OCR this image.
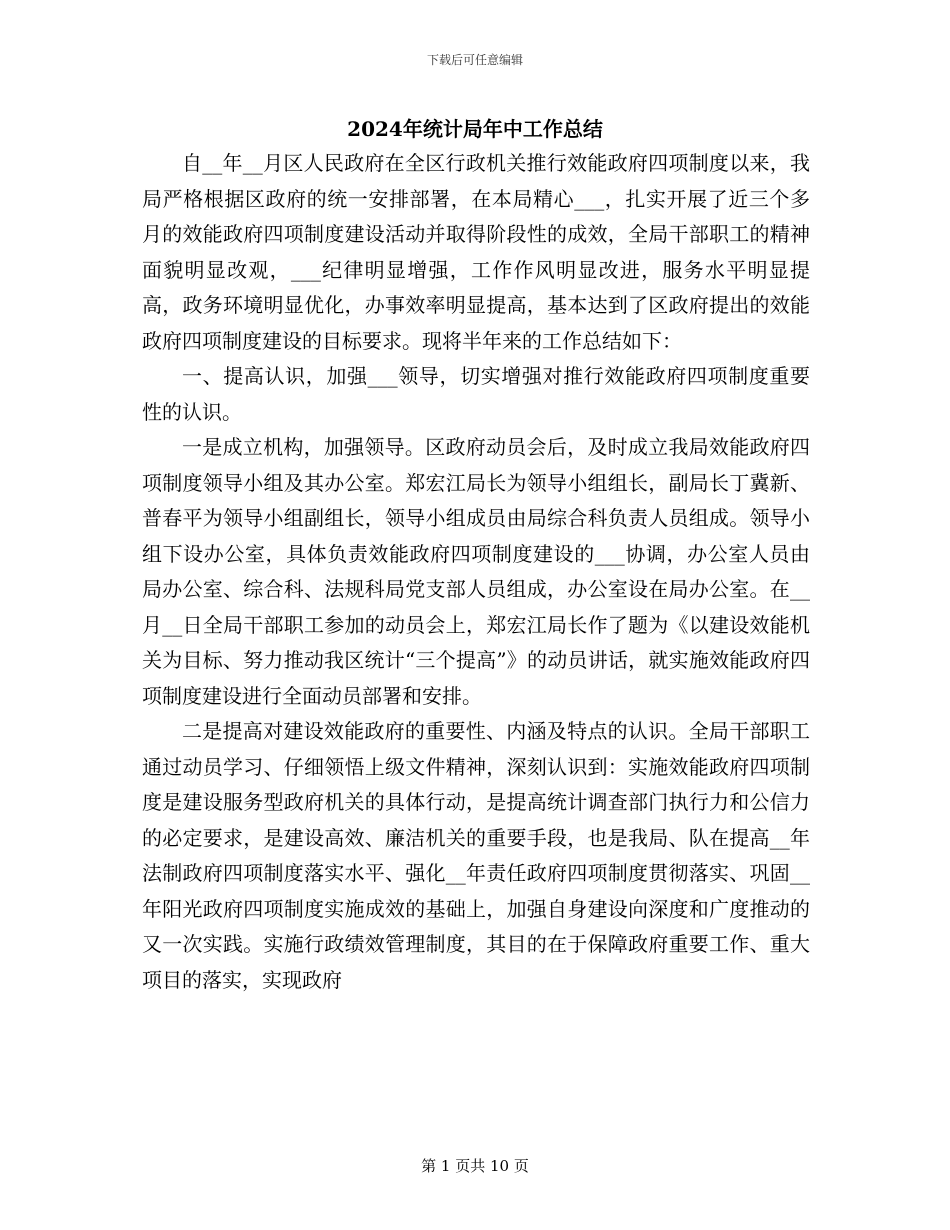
下载后可任意编辑
2024年统计局年中工作总结

自__年__月区人民政府在全区行政机关推行效能政府四项制度以来，我局严格根据区政府的统一安排部署，在本局精心___，扎实开展了近三个多月的效能政府四项制度建设活动并取得阶段性的成效，全局干部职工的精神面貌明显改观，___纪律明显增强，工作作风明显改进，服务水平明显提高，政务环境明显优化，办事效率明显提高，基本达到了区政府提出的效能政府四项制度建设的目标要求。现将半年来的工作总结如下：

一、提高认识，加强___领导，切实增强对推行效能政府四项制度重要性的认识。

一是成立机构，加强领导。区政府动员会后，及时成立我局效能政府四项制度领导小组及其办公室。郑宏江局长为领导小组组长，副局长丁冀新、普春平为领导小组副组长，领导小组成员由局综合科负责人员组成。领导小组下设办公室，具体负责效能政府四项制度建设的___协调，办公室人员由局办公室、综合科、法规科局党支部人员组成，办公室设在局办公室。在__月__日全局干部职工参加的动员会上，郑宏江局长作了题为《以建设效能机关为目标、努力推动我区统计“三个提高”》的动员讲话，就实施效能政府四项制度建设进行全面动员部署和安排。

二是提高对建设效能政府的重要性、内涵及特点的认识。全局干部职工通过动员学习、仔细领悟上级文件精神，深刻认识到：实施效能政府四项制度是建设服务型政府机关的具体行动，是提高统计调查部门执行力和公信力的必定要求，是建设高效、廉洁机关的重要手段，也是我局、队在提高__年法制政府四项制度落实水平、强化__年责任政府四项制度贯彻落实、巩固__年阳光政府四项制度实施成效的基础上，加强自身建设向深度和广度推动的又一次实践。实施行政绩效管理制度，其目的在于保障政府重要工作、重大项目的落实，实现政府

第 1 页共 10 页
